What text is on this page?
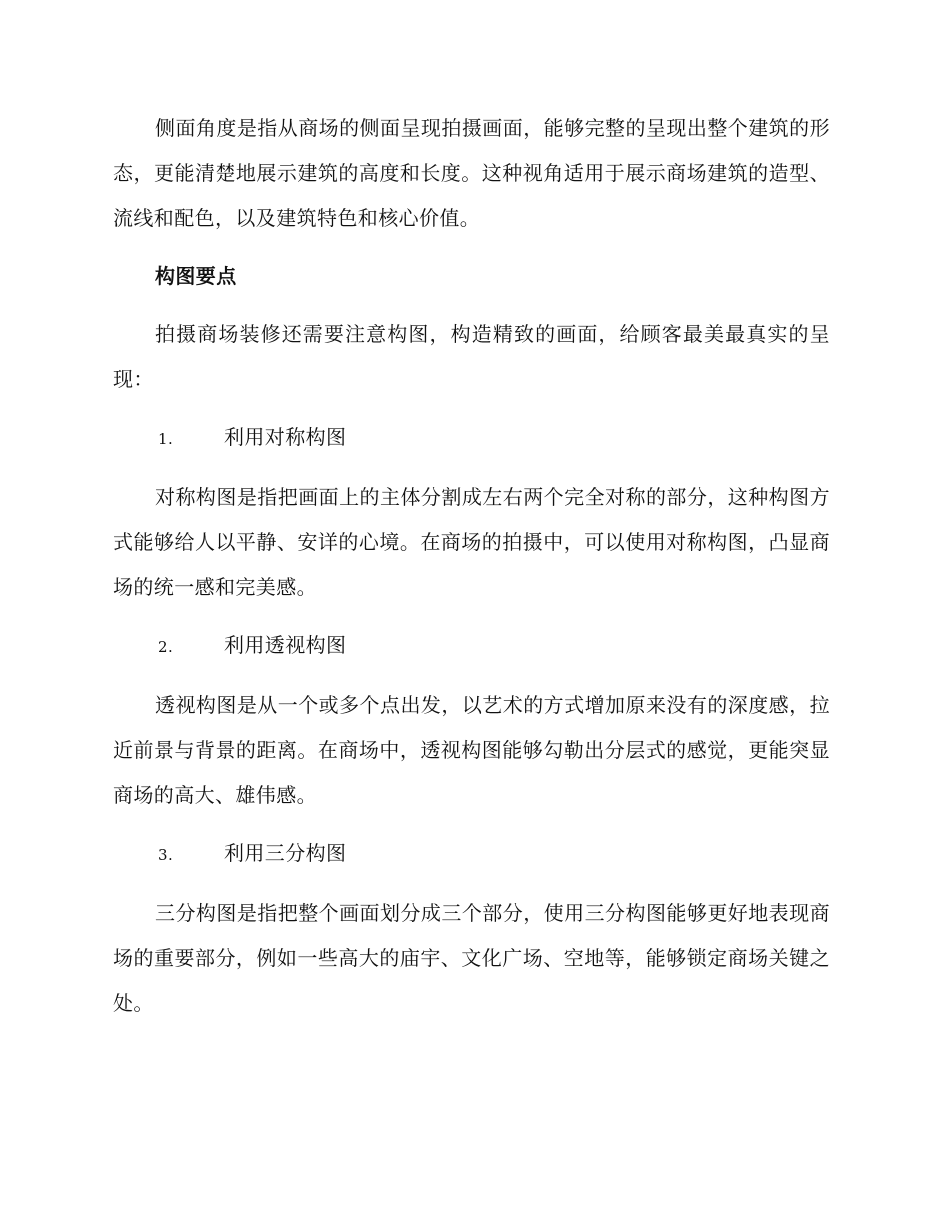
侧面角度是指从商场的侧面呈现拍摄画面，能够完整的呈现出整个建筑的形态，更能清楚地展示建筑的高度和长度。这种视角适用于展示商场建筑的造型、流线和配色，以及建筑特色和核心价值。

构图要点

拍摄商场装修还需要注意构图，构造精致的画面，给顾客最美最真实的呈现：

1.	利用对称构图

对称构图是指把画面上的主体分割成左右两个完全对称的部分，这种构图方式能够给人以平静、安详的心境。在商场的拍摄中，可以使用对称构图，凸显商场的统一感和完美感。

2.	利用透视构图

透视构图是从一个或多个点出发，以艺术的方式增加原来没有的深度感，拉近前景与背景的距离。在商场中，透视构图能够勾勒出分层式的感觉，更能突显商场的高大、雄伟感。

3.	利用三分构图

三分构图是指把整个画面划分成三个部分，使用三分构图能够更好地表现商场的重要部分，例如一些高大的庙宇、文化广场、空地等，能够锁定商场关键之处。
